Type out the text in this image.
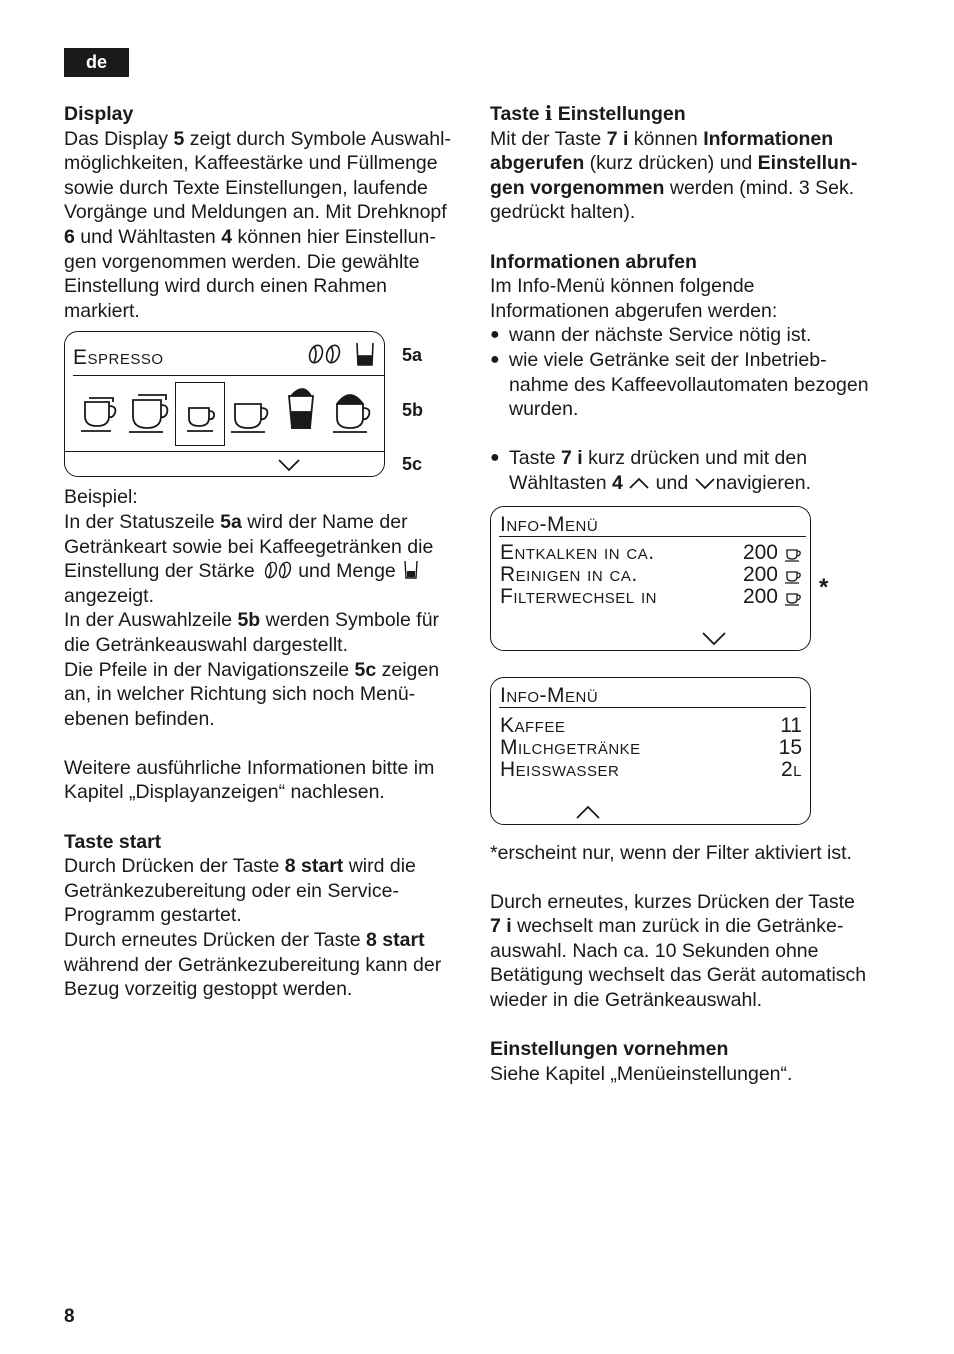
de

Display

Das Display 5 zeigt durch Symbole Auswahl-

möglichkeiten, Kaffeestärke und Füllmenge

sowie durch Texte Einstellungen, laufende

Vorgänge und Meldungen an. Mit Drehknopf

6 und Wähltasten 4 können hier Einstellun-

gen vorgenommen werden. Die gewählte

Einstellung wird durch einen Rahmen

markiert.

Espresso	5a
5b
5c

Beispiel:

In der Statuszeile 5a wird der Name der

Getränkeart sowie bei Kaffeegetränken die

Einstellung der Stärke und Menge

angezeigt.

In der Auswahlzeile 5b werden Symbole für

die Getränkeauswahl dargestellt.

Die Pfeile in der Navigationszeile 5c zeigen

an, in welcher Richtung sich noch Menü-

ebenen befinden.

Weitere ausführliche Informationen bitte im

Kapitel „Displayanzeigen“ nachlesen.

Taste start

Durch Drücken der Taste 8 start wird die

Getränkezubereitung oder ein Service-

Programm gestartet.

Durch erneutes Drücken der Taste 8 start

während der Getränkezubereitung kann der

Bezug vorzeitig gestoppt werden.

Taste i Einstellungen

Mit der Taste 7 i können Informationen

abgerufen (kurz drücken) und Einstellun-

gen vorgenommen werden (mind. 3 Sek.

gedrückt halten).

Informationen abrufen

Im Info-Menü können folgende

Informationen abgerufen werden:

● wann der nächste Service nötig ist.

● wie viele Getränke seit der Inbetrieb-

nahme des Kaffeevollautomaten bezogen

wurden.

● Taste 7 i kurz drücken und mit den

Wähltasten 4  und navigieren.

Info-Menü
Entkalken in ca.	200
Reinigen in ca.	200
Filterwechsel in	200 *
Info-Menü
Kaffee	11
Milchgetränke	15
Heisswasser	2l

*erscheint nur, wenn der Filter aktiviert ist.

Durch erneutes, kurzes Drücken der Taste

7 i wechselt man zurück in die Getränke-

auswahl. Nach ca. 10 Sekunden ohne

Betätigung wechselt das Gerät automatisch

wieder in die Getränkeauswahl.

Einstellungen vornehmen

Siehe Kapitel „Menüeinstellungen“.

8
